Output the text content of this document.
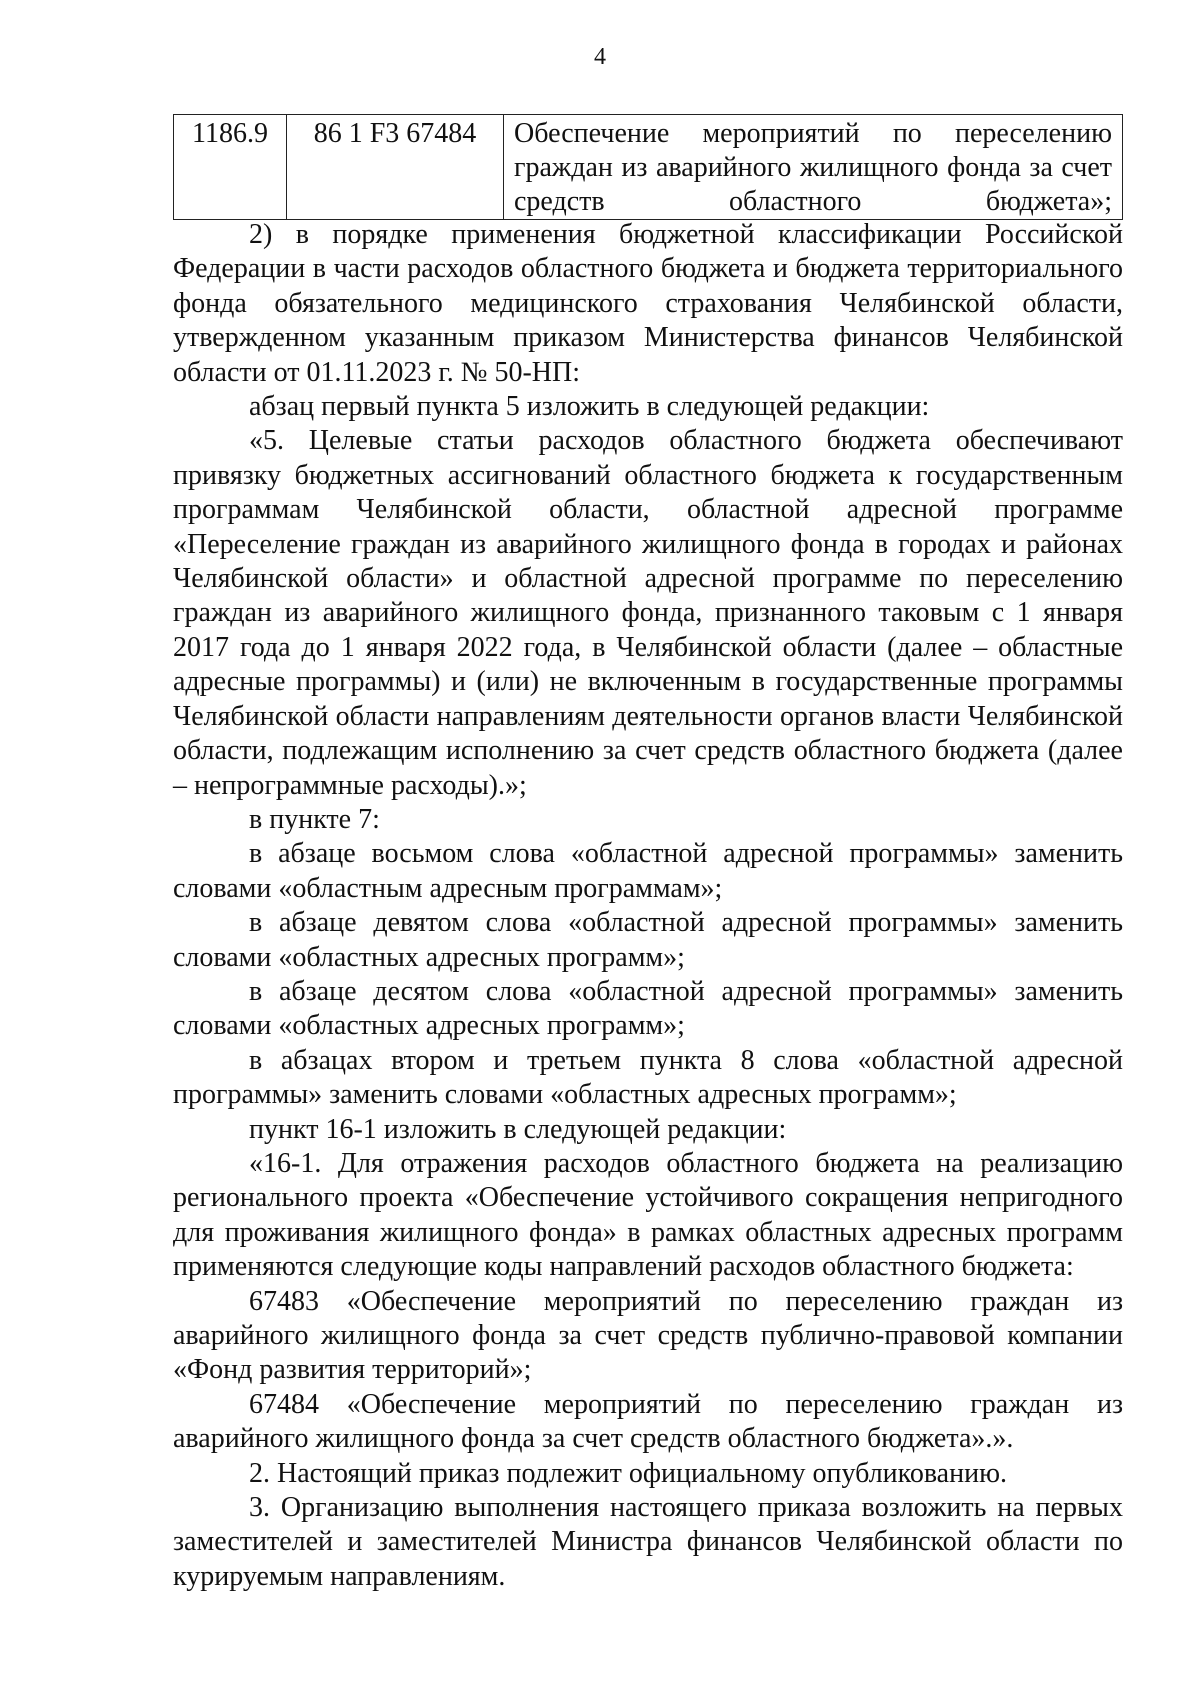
4
1186.9	86 1 F3 67484	Обеспечение мероприятий по переселению граждан из аварийного жилищного фонда за счет средств областного бюджета»;

2) в порядке применения бюджетной классификации Российской Федерации в части расходов областного бюджета и бюджета территориального фонда обязательного медицинского страхования Челябинской области, утвержденном указанным приказом Министерства финансов Челябинской области от 01.11.2023 г. № 50-НП:

абзац первый пункта 5 изложить в следующей редакции:

«5. Целевые статьи расходов областного бюджета обеспечивают привязку бюджетных ассигнований областного бюджета к государственным программам Челябинской области, областной адресной программе «Переселение граждан из аварийного жилищного фонда в городах и районах Челябинской области» и областной адресной программе по переселению граждан из аварийного жилищного фонда, признанного таковым с 1 января 2017 года до 1 января 2022 года, в Челябинской области (далее – областные адресные программы) и (или) не включенным в государственные программы Челябинской области направлениям деятельности органов власти Челябинской области, подлежащим исполнению за счет средств областного бюджета (далее – непрограммные расходы).»;

в пункте 7:

в абзаце восьмом слова «областной адресной программы» заменить словами «областным адресным программам»;

в абзаце девятом слова «областной адресной программы» заменить словами «областных адресных программ»;

в абзаце десятом слова «областной адресной программы» заменить словами «областных адресных программ»;

в абзацах втором и третьем пункта 8 слова «областной адресной программы» заменить словами «областных адресных программ»;

пункт 16-1 изложить в следующей редакции:

«16-1. Для отражения расходов областного бюджета на реализацию регионального проекта «Обеспечение устойчивого сокращения непригодного для проживания жилищного фонда» в рамках областных адресных программ применяются следующие коды направлений расходов областного бюджета:

67483 «Обеспечение мероприятий по переселению граждан из аварийного жилищного фонда за счет средств публично-правовой компании «Фонд развития территорий»;

67484 «Обеспечение мероприятий по переселению граждан из аварийного жилищного фонда за счет средств областного бюджета».».

2. Настоящий приказ подлежит официальному опубликованию.

3. Организацию выполнения настоящего приказа возложить на первых заместителей и заместителей Министра финансов Челябинской области по курируемым направлениям.
